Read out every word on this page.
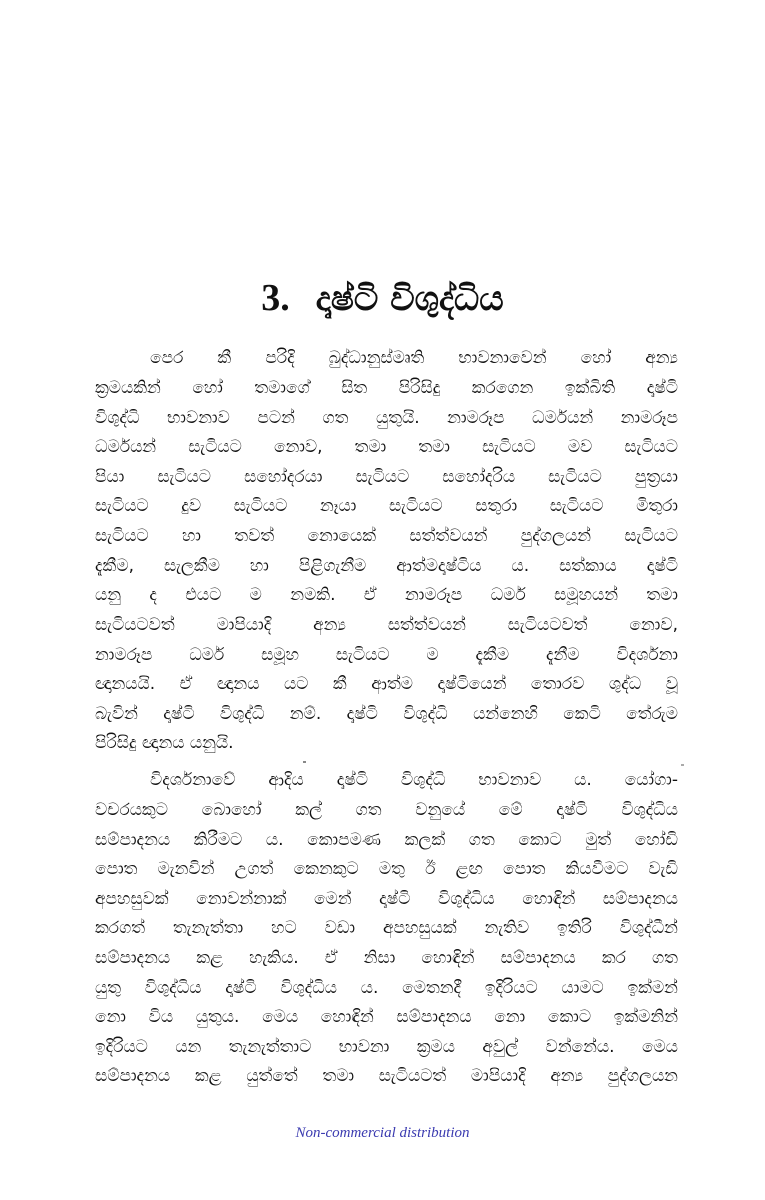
3. දෘෂ්ටි විශුද්ධිය
පෙර කී පරිදි බුද්ධානුස්මෘති භාවනාවෙන් හෝ අන්‍ය
ක්‍රමයකින් හෝ තමාගේ සිත පිරිසිදු කරගෙන ඉක්බිති දෘෂ්ටි
විශුද්ධි භාවනාව පටන් ගත යුතුයි. නාමරූප ධර්මයන් නාමරූප
ධර්මයන් සැටියට නොව, තමා තමා සැටියට මව සැටියට
පියා සැටියට සහෝදරයා සැටියට සහෝදරිය සැටියට පුත්‍රයා
සැටියට දුව සැටියට නෑයා සැටියට සතුරා සැටියට මිතුරා
සැටියට හා තවත් නොයෙක් සත්ත්වයන් පුද්ගලයන් සැටියට
දැකීම, සැලකීම හා පිළිගැනීම ආත්මදෘෂ්ටිය ය. සත්කාය දෘෂ්ටි
යනු ද එයට ම නමකි. ඒ නාමරූප ධර්ම සමූහයන් තමා
සැටියටවත් මාපියාදි අන්‍ය සත්ත්වයන් සැටියටවත් නොව,
නාමරූප ධර්ම සමූහ සැටියට ම දැකීම දැනීම විදර්ශනා
ඥානයයි. ඒ ඥානය යට කී ආත්ම දෘෂ්ටියෙන් තොරව ශුද්ධ වූ
බැවින් දෘෂ්ටි විශුද්ධි නම්. දෘෂ්ටි විශුද්ධි යන්නෙහි කෙටි තේරුම
පිරිසිදු ඥානය යනුයි.
විදර්ශනාවේ ආදිය දෘෂ්ටි විශුද්ධි භාවනාව ය. යෝගා-
වචරයකුට බොහෝ කල් ගත වනුයේ මේ දෘෂ්ටි විශුද්ධිය
සම්පාදනය කිරීමට ය. කොපමණ කලක් ගත කොට මුත් හෝඩි
පොත මැනවින් උගත් කෙනකුට මතු ඊ ළඟ පොත කියවීමට වැඩි
අපහසුවක් නොවන්නාක් මෙන් දෘෂ්ටි විශුද්ධිය හොඳින් සම්පාදනය
කරගත් තැනැත්තා හට වඩා අපහසුයක් නැතිව ඉතිරි විශුද්ධීන්
සම්පාදනය කළ හැකිය. ඒ නිසා හොඳින් සම්පාදනය කර ගත
යුතු විශුද්ධිය දෘෂ්ටි විශුද්ධිය ය. මෙතනදී ඉදිරියට යාමට ඉක්මන්
නො විය යුතුය. මෙය හොඳින් සම්පාදනය නො කොට ඉක්මනින්
ඉදිරියට යන තැනැත්තාට භාවනා ක්‍රමය අවුල් වන්නේය. මෙය
සම්පාදනය කළ යුත්තේ තමා සැටියටත් මාපියාදි අන්‍ය පුද්ගලයන
Non-commercial distribution
